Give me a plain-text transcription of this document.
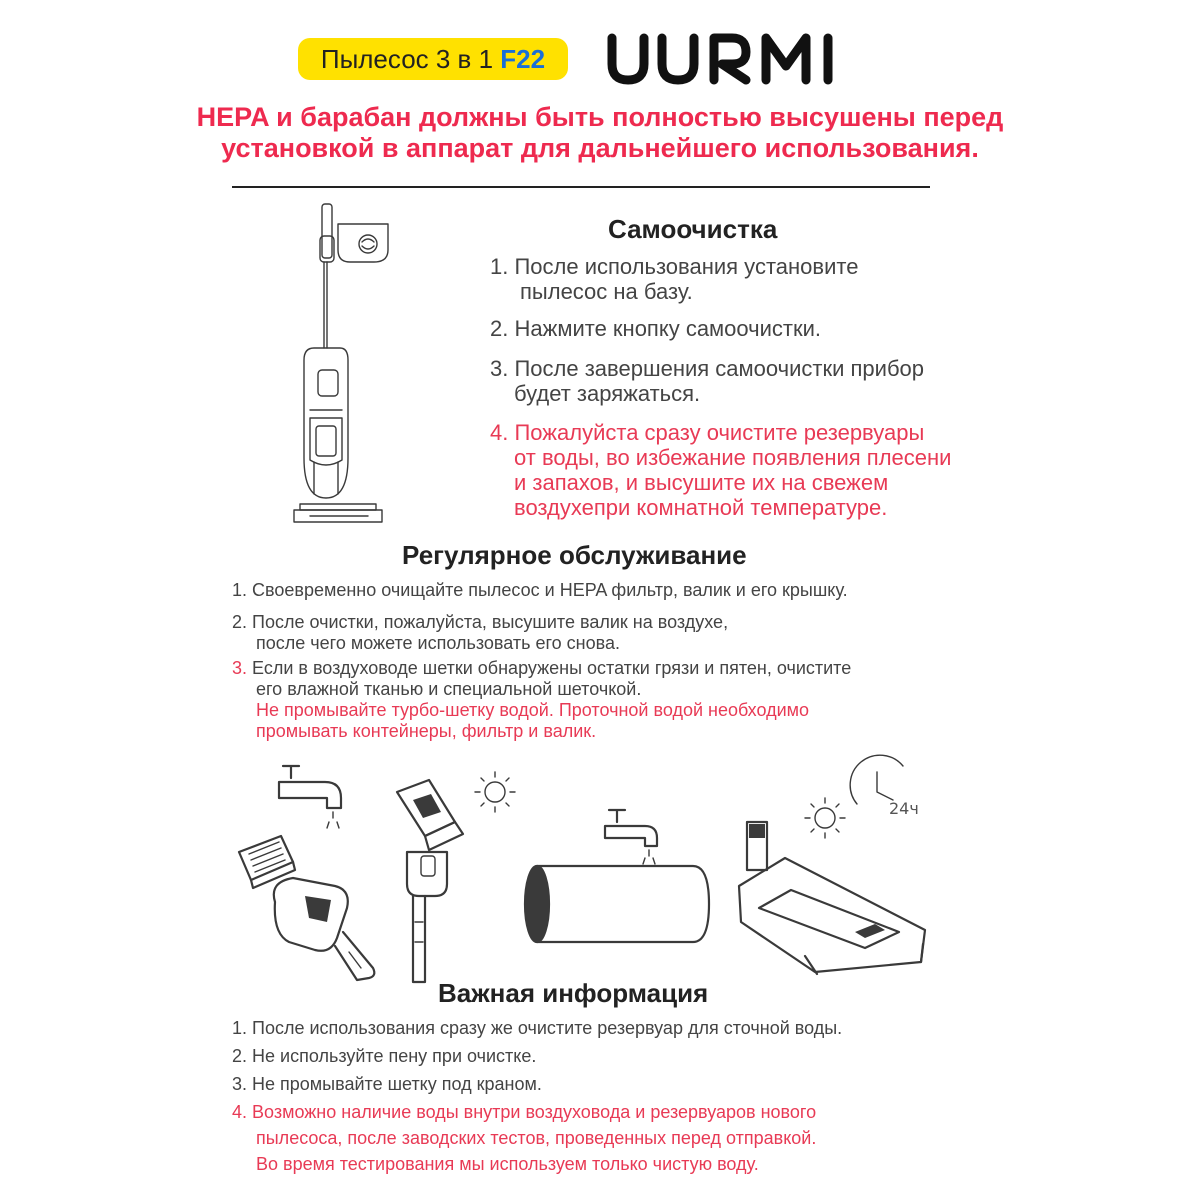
Пылесос 3 в 1 F22
HEPA и барабан должны быть полностью высушены перед
установкой в аппарат для дальнейшего использования.
Самоочистка
1. После использования установите
пылесос на базу.
2. Нажмите кнопку самоочистки.
3. После завершения самоочистки прибор
будет заряжаться.
4. Пожалуйста сразу очистите резервуары
от воды, во избежание появления плесени
и запахов, и высушите их на свежем
воздухепри комнатной температуре.
Регулярное обслуживание
1. Своевременно очищайте пылесос и HEPA фильтр, валик и его крышку.
2. После очистки, пожалуйста, высушите валик на воздухе,
после чего можете использовать его снова.
3. Если в воздуховоде шетки обнаружены остатки грязи и пятен, очистите
его влажной тканью и специальной шеточкой.
Не промывайте турбо-шетку водой. Проточной водой необходимо
промывать контейнеры, фильтр и валик.
24ч
Важная информация
1. После использования сразу же очистите резервуар для сточной воды.
2. Не используйте пену при очистке.
3. Не промывайте шетку под краном.
4. Возможно наличие воды внутри воздуховода и резервуаров нового
пылесоса, после заводских тестов, проведенных перед отправкой.
Во время тестирования мы используем только чистую воду.
